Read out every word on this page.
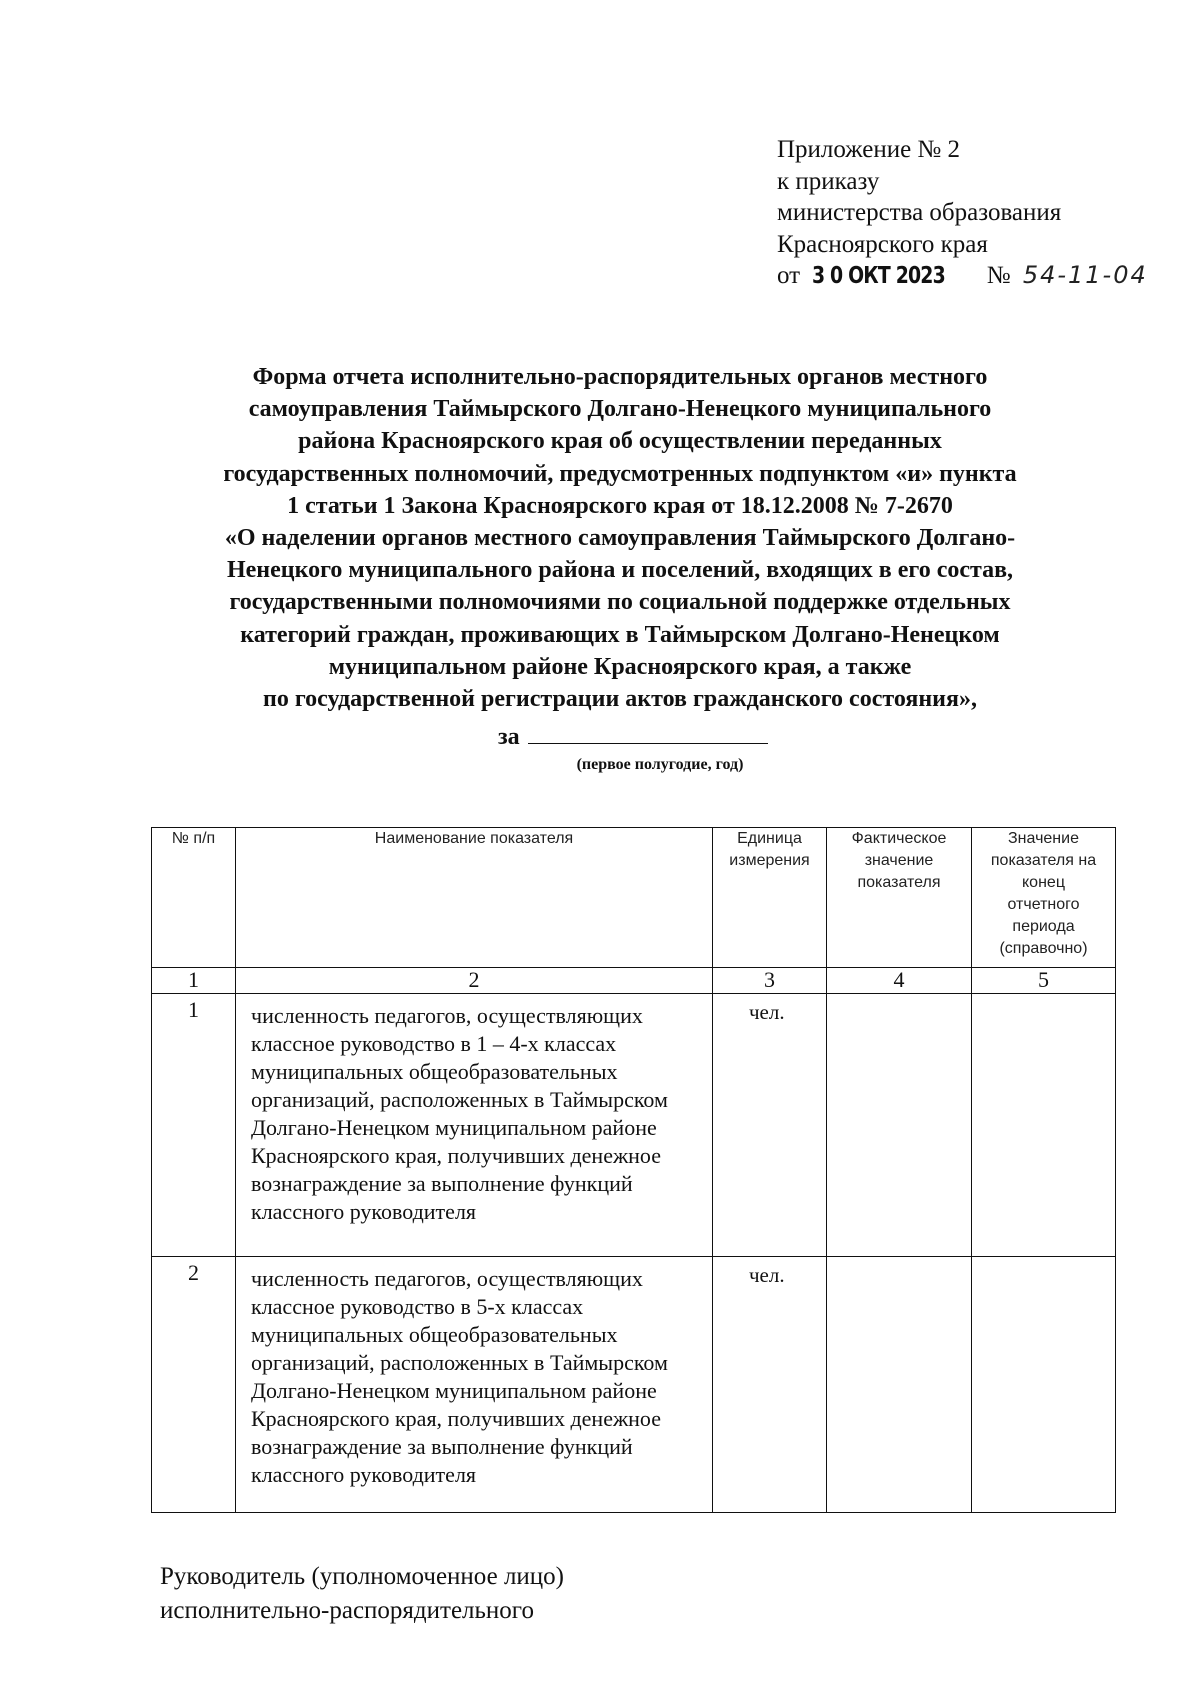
Приложение № 2
к приказу
министерства образования
Красноярского края
от 3 0 ОКТ 2023 № 54-11-04
Форма отчета исполнительно-распорядительных органов местного
самоуправления Таймырского Долгано-Ненецкого муниципального
района Красноярского края об осуществлении переданных
государственных полномочий, предусмотренных подпунктом «и» пункта
1 статьи 1 Закона Красноярского края от 18.12.2008 № 7-2670
«О наделении органов местного самоуправления Таймырского Долгано-
Ненецкого муниципального района и поселений, входящих в его состав,
государственными полномочиями по социальной поддержке отдельных
категорий граждан, проживающих в Таймырском Долгано-Ненецком
муниципальном районе Красноярского края, а также
по государственной регистрации актов гражданского состояния»,
за
(первое полугодие, год)
№ п/п	Наименование показателя	Единица измерения	Фактическое значение показателя	Значение показателя на конец отчетного периода (справочно)
1	2	3	4	5
1	численность педагогов, осуществляющих классное руководство в 1 – 4-х классах муниципальных общеобразовательных организаций, расположенных в Таймырском Долгано-Ненецком муниципальном районе Красноярского края, получивших денежное вознаграждение за выполнение функций классного руководителя	чел.		
2	численность педагогов, осуществляющих классное руководство в 5-х классах муниципальных общеобразовательных организаций, расположенных в Таймырском Долгано-Ненецком муниципальном районе Красноярского края, получивших денежное вознаграждение за выполнение функций классного руководителя	чел.		
Руководитель (уполномоченное лицо)
исполнительно-распорядительного
